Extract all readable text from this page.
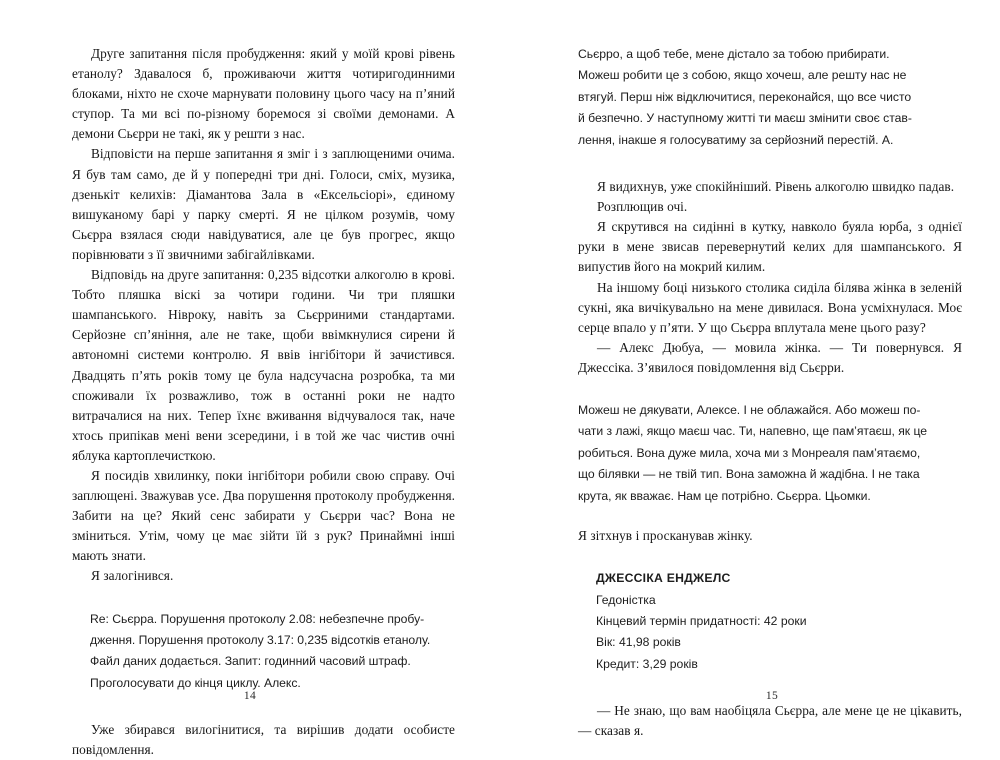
Друге запитання після пробудження: який у моїй крові рівень етанолу? Здавалося б, проживаючи життя чотиригодинними блоками, ніхто не схоче марнувати половину цього часу на п’яний ступор. Та ми всі по-різному боремося зі своїми демонами. А демони Сьєрри не такі, як у решти з нас.

Відповісти на перше запитання я зміг і з заплющеними очима. Я був там само, де й у попередні три дні. Голоси, сміх, музика, дзенькіт келихів: Діамантова Зала в «Ексельсіорі», єдиному вишуканому барі у парку смерті. Я не цілком розумів, чому Сьєрра взялася сюди навідуватися, але це був прогрес, якщо порівнювати з її звичними забігайлівками.

Відповідь на друге запитання: 0,235 відсотки алкоголю в крові. Тобто пляшка віскі за чотири години. Чи три пляшки шампанського. Нівроку, навіть за Сьєрриними стандартами. Серйозне сп’яніння, але не таке, щоби ввімкнулися сирени й автономні системи контролю. Я ввів інгібітори й зачистився. Двадцять п’ять років тому це була надсучасна розробка, та ми споживали їх розважливо, тож в останні роки не надто витрачалися на них. Тепер їхнє вживання відчувалося так, наче хтось припікав мені вени зсередини, і в той же час чистив очні яблука картоплечисткою.

Я посидів хвилинку, поки інгібітори робили свою справу. Очі заплющені. Зважував усе. Два порушення протоколу пробудження. Забити на це? Який сенс забирати у Сьєрри час? Вона не зміниться. Утім, чому це має зійти їй з рук? Принаймні інші мають знати.

Я залогінився.

Re: Сьєрра. Порушення протоколу 2.08: небезпечне пробу-

дження. Порушення протоколу 3.17: 0,235 відсотків етанолу.

Файл даних додається. Запит: годинний часовий штраф.

Проголосувати до кінця циклу. Алекс.

Уже збирався вилогінитися, та вирішив додати особисте повідомлення.

14

Сьєрро, а щоб тебе, мене дістало за тобою прибирати.

Можеш робити це з собою, якщо хочеш, але решту нас не

втягуй. Перш ніж відключитися, переконайся, що все чисто

й безпечно. У наступному житті ти маєш змінити своє став-

лення, інакше я голосуватиму за серйозний перестій. А.

Я видихнув, уже спокійніший. Рівень алкоголю швидко падав.

Розплющив очі.

Я скрутився на сидінні в кутку, навколо буяла юрба, з однієї руки в мене звисав перевернутий келих для шампанського. Я випустив його на мокрий килим.

На іншому боці низького столика сиділа білява жінка в зеленій сукні, яка вичікувально на мене дивилася. Вона усміхнулася. Моє серце впало у п’яти. У що Сьєрра вплутала мене цього разу?

— Алекс Дюбуа, — мовила жінка. — Ти повернувся. Я Джессіка. З’явилося повідомлення від Сьєрри.

Можеш не дякувати, Алексе. І не облажайся. Або можеш по-

чати з лажі, якщо маєш час. Ти, напевно, ще пам’ятаєш, як це

робиться. Вона дуже мила, хоча ми з Монреаля пам’ятаємо,

що білявки — не твій тип. Вона заможна й жадібна. І не така

крута, як вважає. Нам це потрібно. Сьєрра. Цьомки.

Я зітхнув і просканував жінку.

ДЖЕССІКА ЕНДЖЕЛС
Гедоністка
Кінцевий термін придатності: 42 роки
Вік: 41,98 років
Кредит: 3,29 років

— Не знаю, що вам наобіцяла Сьєрра, але мене це не цікавить, — сказав я.

15
